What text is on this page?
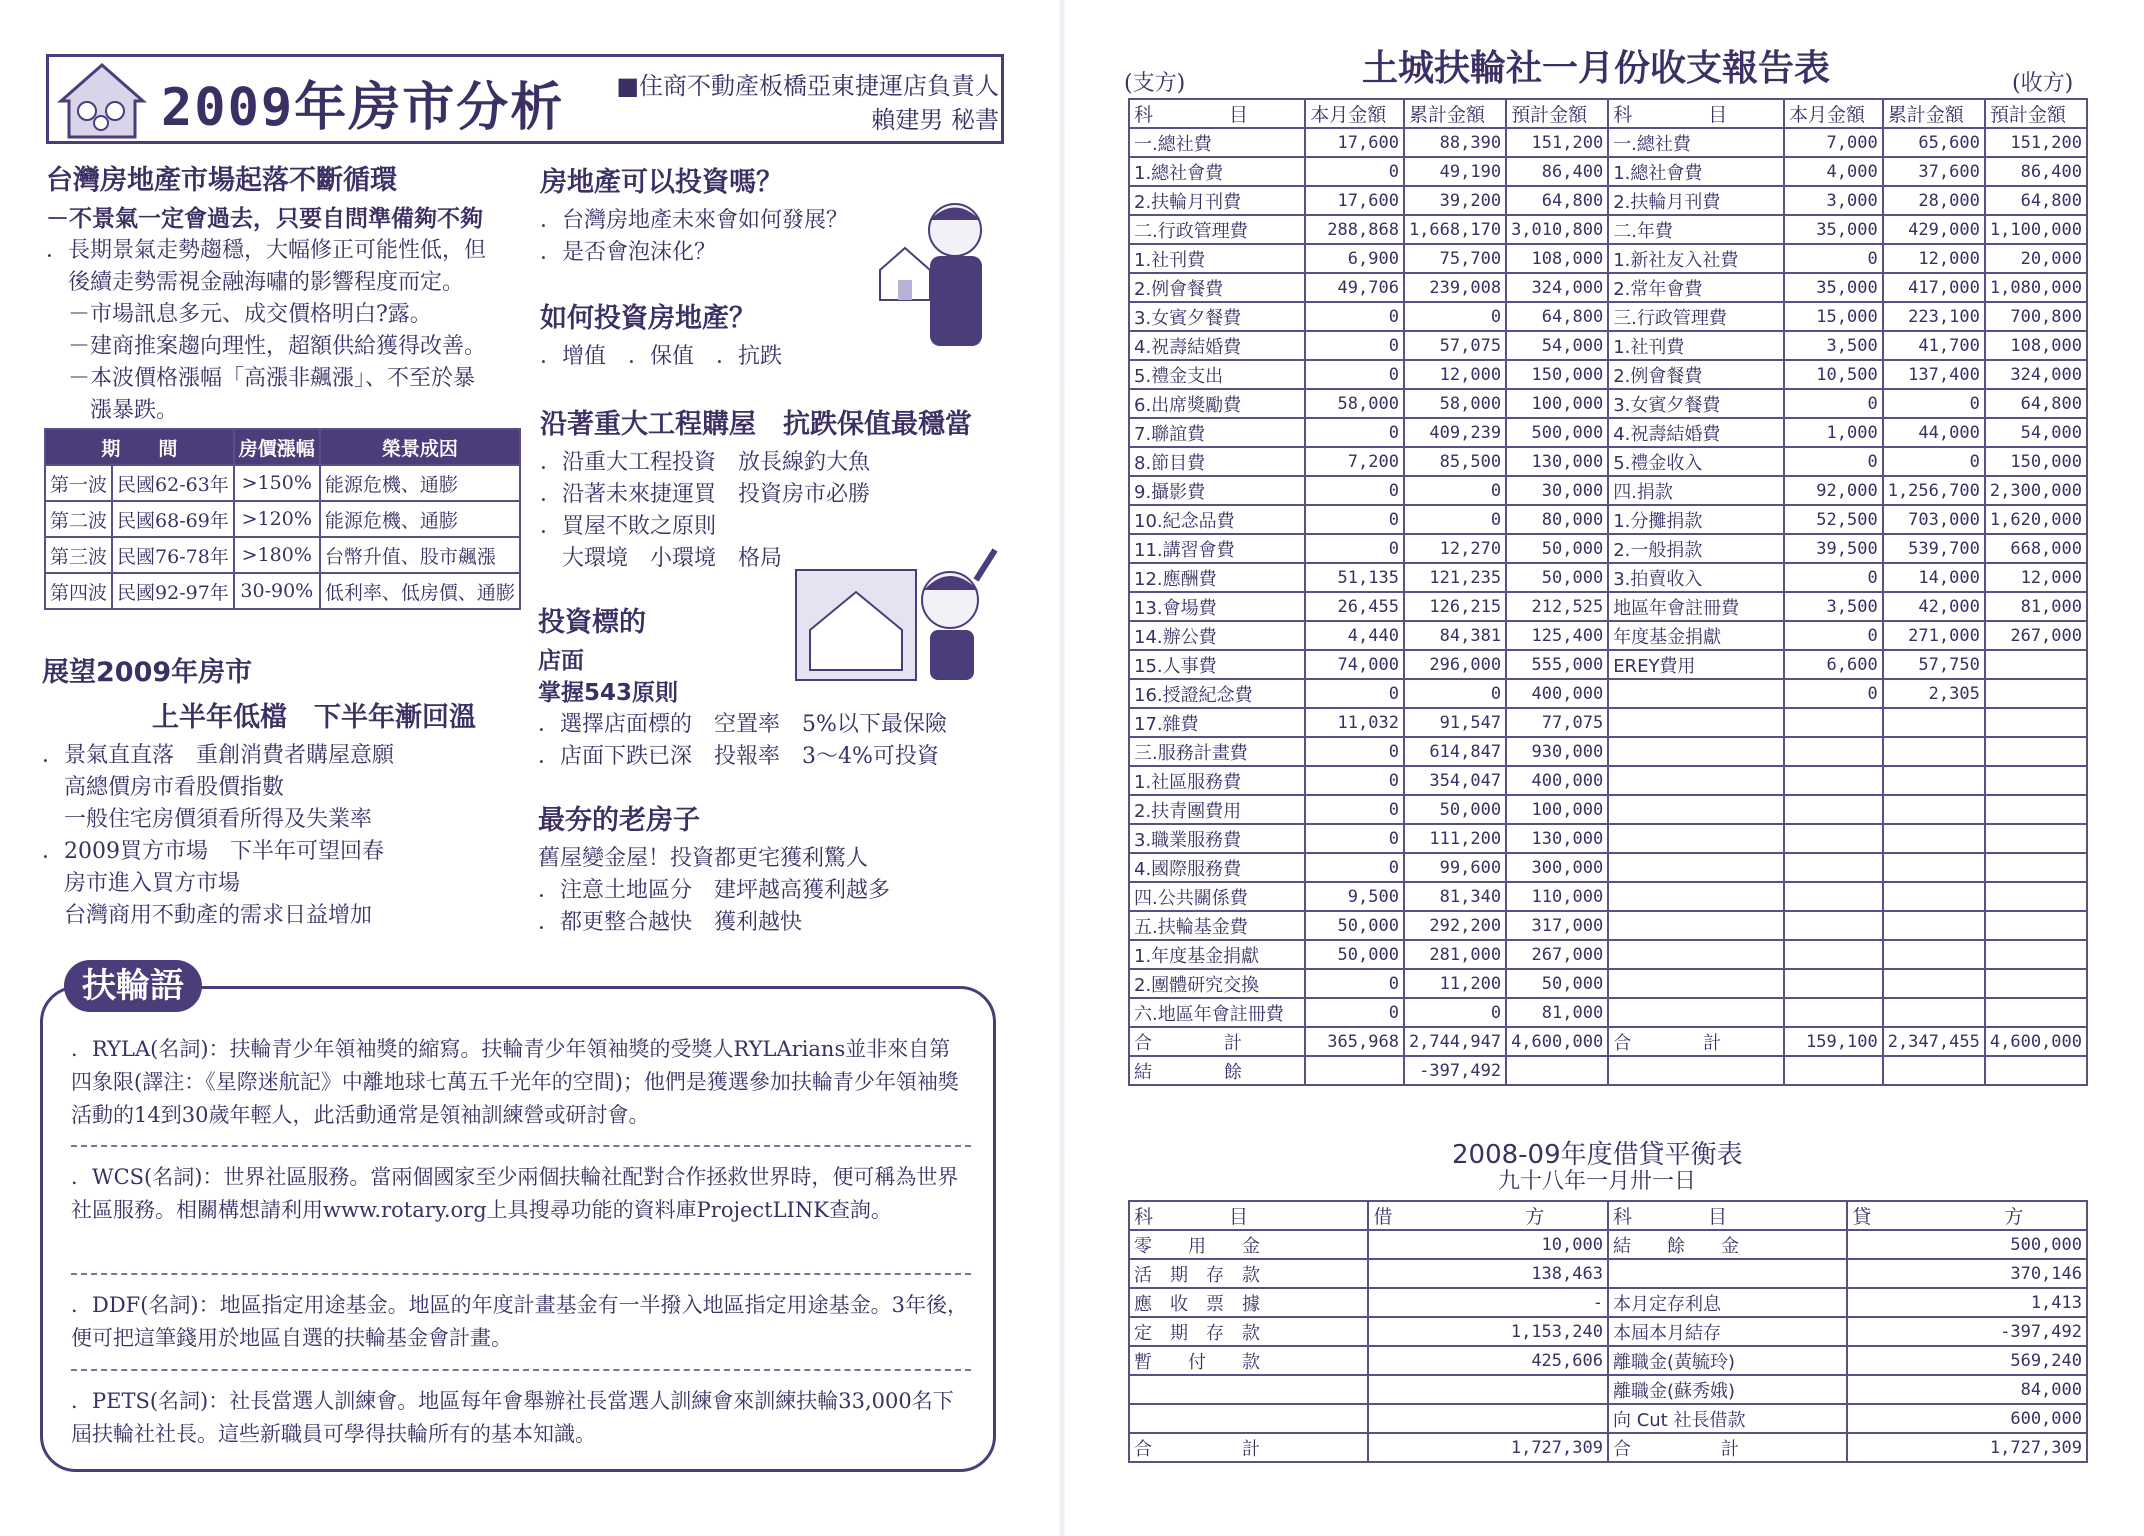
2009年房市分析	■住商不動產板橋亞東捷運店負責人
賴建男 秘書
台灣房地產市場起落不斷循環
－不景氣一定會過去，只要自問準備夠不夠

．長期景氣走勢趨穩，大幅修正可能性低，但

　後續走勢需視金融海嘯的影響程度而定。

　－市場訊息多元、成交價格明白?露。

　－建商推案趨向理性，超額供給獲得改善。

　－本波價格漲幅「高漲非飆漲」、不至於暴

　　漲暴跌。

期　　間		房價漲幅	榮景成因
第一波	民國62-63年	>150%	能源危機、通膨
第二波	民國68-69年	>120%	能源危機、通膨
第三波	民國76-78年	>180%	台幣升值、股市飆漲
第四波	民國92-97年	30-90%	低利率、低房價、通膨
展望2009年房市
上半年低檔　下半年漸回溫

．景氣直直落　重創消費者購屋意願

　高總價房市看股價指數

　一般住宅房價須看所得及失業率

．2009買方市場　下半年可望回春

　房市進入買方市場

　台灣商用不動產的需求日益增加

房地產可以投資嗎？

．台灣房地產未來會如何發展？

．是否會泡沫化？

如何投資房地產？

．增值　．保值　．抗跌

沿著重大工程購屋　抗跌保值最穩當

．沿重大工程投資　放長線釣大魚

．沿著未來捷運買　投資房市必勝

．買屋不敗之原則

　大環境　小環境　格局

投資標的
店面
掌握543原則

．選擇店面標的　空置率　5%以下最保險

．店面下跌已深　投報率　3～4%可投資

最夯的老房子
舊屋變金屋！投資都更宅獲利驚人

．注意土地區分　建坪越高獲利越多

．都更整合越快　獲利越快

．RYLA(名詞)：扶輪青少年領袖獎的縮寫。扶輪青少年領袖獎的受獎人RYLArians並非來自第四象限(譯注：《星際迷航記》中離地球七萬五千光年的空間)；他們是獲選參加扶輪青少年領袖獎活動的14到30歲年輕人，此活動通常是領袖訓練營或研討會。
．WCS(名詞)：世界社區服務。當兩個國家至少兩個扶輪社配對合作拯救世界時，便可稱為世界社區服務。相關構想請利用www.rotary.org上具搜尋功能的資料庫ProjectLINK查詢。
．DDF(名詞)：地區指定用途基金。地區的年度計畫基金有一半撥入地區指定用途基金。3年後，便可把這筆錢用於地區自選的扶輪基金會計畫。
．PETS(名詞)：社長當選人訓練會。地區每年會舉辦社長當選人訓練會來訓練扶輪33,000名下屆扶輪社社長。這些新職員可學得扶輪所有的基本知識。
扶輪語
土城扶輪社一月份收支報告表
(支方)	(收方)
科　　　　目	本月金額	累計金額	預計金額	科　　　　目	本月金額	累計金額	預計金額
一.總社費	17,600	88,390	151,200	一.總社費	7,000	65,600	151,200
1.總社會費	0	49,190	86,400	1.總社會費	4,000	37,600	86,400
2.扶輪月刊費	17,600	39,200	64,800	2.扶輪月刊費	3,000	28,000	64,800
二.行政管理費	288,868	1,668,170	3,010,800	二.年費	35,000	429,000	1,100,000
1.社刊費	6,900	75,700	108,000	1.新社友入社費	0	12,000	20,000
2.例會餐費	49,706	239,008	324,000	2.常年會費	35,000	417,000	1,080,000
3.女賓夕餐費	0	0	64,800	三.行政管理費	15,000	223,100	700,800
4.祝壽結婚費	0	57,075	54,000	1.社刊費	3,500	41,700	108,000
5.禮金支出	0	12,000	150,000	2.例會餐費	10,500	137,400	324,000
6.出席獎勵費	58,000	58,000	100,000	3.女賓夕餐費	0	0	64,800
7.聯誼費	0	409,239	500,000	4.祝壽結婚費	1,000	44,000	54,000
8.節目費	7,200	85,500	130,000	5.禮金收入	0	0	150,000
9.攝影費	0	0	30,000	四.捐款	92,000	1,256,700	2,300,000
10.紀念品費	0	0	80,000	1.分攤捐款	52,500	703,000	1,620,000
11.講習會費	0	12,270	50,000	2.一般捐款	39,500	539,700	668,000
12.應酬費	51,135	121,235	50,000	3.拍賣收入	0	14,000	12,000
13.會場費	26,455	126,215	212,525	地區年會註冊費	3,500	42,000	81,000
14.辦公費	4,440	84,381	125,400	年度基金捐獻	0	271,000	267,000
15.人事費	74,000	296,000	555,000	EREY費用	6,600	57,750	
16.授證紀念費	0	0	400,000		0	2,305	
17.雜費	11,032	91,547	77,075				
三.服務計畫費	0	614,847	930,000				
1.社區服務費	0	354,047	400,000				
2.扶青團費用	0	50,000	100,000				
3.職業服務費	0	111,200	130,000				
4.國際服務費	0	99,600	300,000				
四.公共關係費	9,500	81,340	110,000				
五.扶輪基金費	50,000	292,200	317,000				
1.年度基金捐獻	50,000	281,000	267,000				
2.團體研究交換	0	11,200	50,000				
六.地區年會註冊費	0	0	81,000				
合　　　　計	365,968	2,744,947	4,600,000	合　　　　計	159,100	2,347,455	4,600,000
結　　　　餘		-397,492					
2008-09年度借貸平衡表
九十八年一月卅一日
科　　　　目	借　　　　　　　方	科　　　　目	貸　　　　　　　方
零　　用　　金	10,000	結　　餘　　金	500,000
活　期　存　款	138,463		370,146
應　收　票　據	-	本月定存利息	1,413
定　期　存　款	1,153,240	本屆本月結存	-397,492
暫　　付　　款	425,606	離職金(黃毓玲)	569,240
		離職金(蘇秀娥)	84,000
		向 Cut 社長借款	600,000
合　　　　　計	1,727,309	合　　　　　計	1,727,309
